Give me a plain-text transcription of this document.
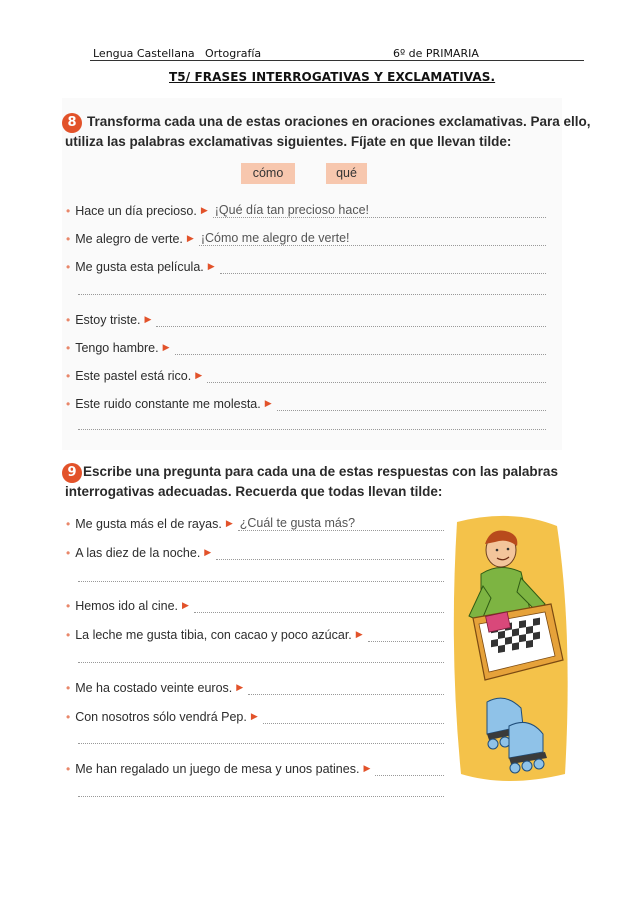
Lengua Castellana Ortografía	6º de PRIMARIA
T5/ FRASES INTERROGATIVAS Y EXCLAMATIVAS.
8 Transforma cada una de estas oraciones en oraciones exclamativas. Para ello,
utiliza las palabras exclamativas siguientes. Fíjate en que llevan tilde:
cómo	qué
• Hace un día precioso. ▶ ¡Qué día tan precioso hace!
• Me alegro de verte. ▶ ¡Cómo me alegro de verte!
• Me gusta esta película. ▶
• Estoy triste. ▶
• Tengo hambre. ▶
• Este pastel está rico. ▶
• Este ruido constante me molesta. ▶
9 Escribe una pregunta para cada una de estas respuestas con las palabras
interrogativas adecuadas. Recuerda que todas llevan tilde:
• Me gusta más el de rayas. ▶ ¿Cuál te gusta más?
• A las diez de la noche. ▶
• Hemos ido al cine. ▶
• La leche me gusta tibia, con cacao y poco azúcar. ▶
• Me ha costado veinte euros. ▶
• Con nosotros sólo vendrá Pep. ▶
• Me han regalado un juego de mesa y unos patines. ▶
